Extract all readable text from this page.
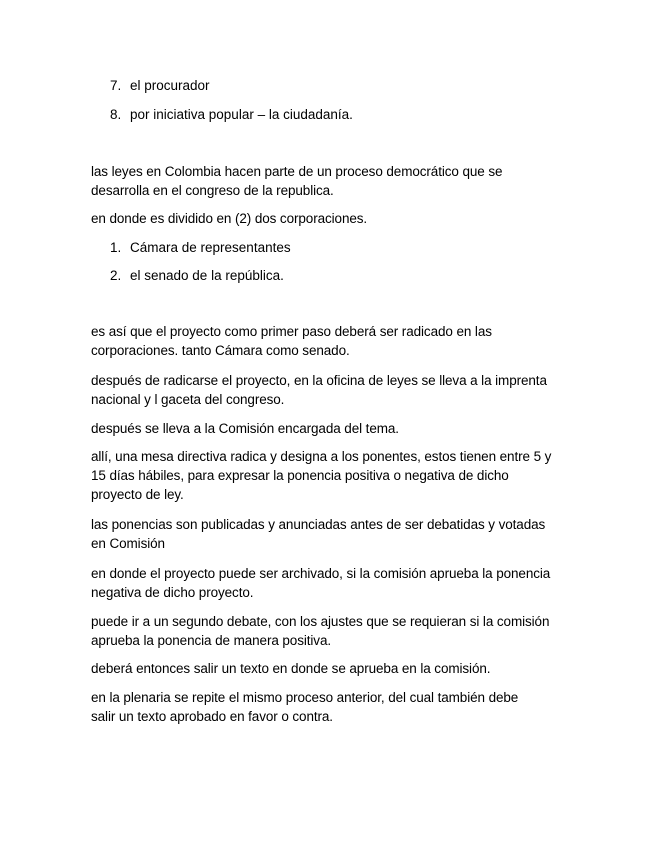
7. el procurador
8. por iniciativa popular – la ciudadanía.

las leyes en Colombia hacen parte de un proceso democrático que se
desarrolla en el congreso de la republica.

en donde es dividido en (2) dos corporaciones.

1. Cámara de representantes
2. el senado de la república.

es así que el proyecto como primer paso deberá ser radicado en las
corporaciones. tanto Cámara como senado.

después de radicarse el proyecto, en la oficina de leyes se lleva a la imprenta
nacional y l gaceta del congreso.

después se lleva a la Comisión encargada del tema.

allí, una mesa directiva radica y designa a los ponentes, estos tienen entre 5 y
15 días hábiles, para expresar la ponencia positiva o negativa de dicho
proyecto de ley.

las ponencias son publicadas y anunciadas antes de ser debatidas y votadas
en Comisión

en donde el proyecto puede ser archivado, si la comisión aprueba la ponencia
negativa de dicho proyecto.

puede ir a un segundo debate, con los ajustes que se requieran si la comisión
aprueba la ponencia de manera positiva.

deberá entonces salir un texto en donde se aprueba en la comisión.

en la plenaria se repite el mismo proceso anterior, del cual también debe
salir un texto aprobado en favor o contra.
